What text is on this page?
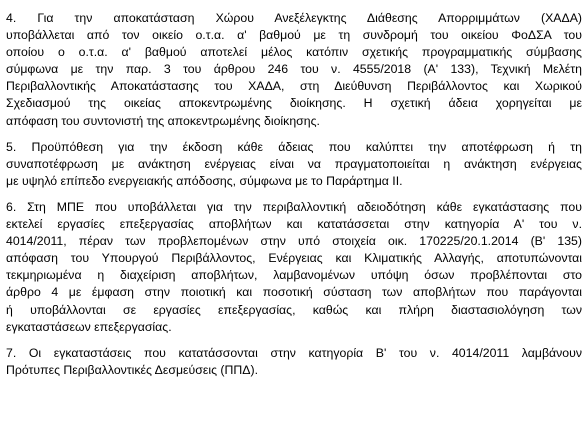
4. Για την αποκατάσταση Χώρου Ανεξέλεγκτης Διάθεσης Απορριμμάτων (ΧΑΔΑ)
υποβάλλεται από τον οικείο ο.τ.α. α' βαθμού με τη συνδρομή του οικείου ΦοΔΣΑ του
οποίου ο ο.τ.α. α' βαθμού αποτελεί μέλος κατόπιν σχετικής προγραμματικής σύμβασης
σύμφωνα με την παρ. 3 του άρθρου 246 του ν. 4555/2018 (Α' 133), Τεχνική Μελέτη
Περιβαλλοντικής Αποκατάστασης του ΧΑΔΑ, στη Διεύθυνση Περιβάλλοντος και Χωρικού
Σχεδιασμού της οικείας αποκεντρωμένης διοίκησης. Η σχετική άδεια χορηγείται με
απόφαση του συντονιστή της αποκεντρωμένης διοίκησης.
5. Προϋπόθεση για την έκδοση κάθε άδειας που καλύπτει την αποτέφρωση ή τη
συναποτέφρωση με ανάκτηση ενέργειας είναι να πραγματοποιείται η ανάκτηση ενέργειας
με υψηλό επίπεδο ενεργειακής απόδοσης, σύμφωνα με το Παράρτημα ΙΙ.
6. Στη ΜΠΕ που υποβάλλεται για την περιβαλλοντική αδειοδότηση κάθε εγκατάστασης που
εκτελεί εργασίες επεξεργασίας αποβλήτων και κατατάσσεται στην κατηγορία Α' του ν.
4014/2011, πέραν των προβλεπομένων στην υπό στοιχεία οικ. 170225/20.1.2014 (Β' 135)
απόφαση του Υπουργού Περιβάλλοντος, Ενέργειας και Κλιματικής Αλλαγής, αποτυπώνονται
τεκμηριωμένα η διαχείριση αποβλήτων, λαμβανομένων υπόψη όσων προβλέπονται στο
άρθρο 4 με έμφαση στην ποιοτική και ποσοτική σύσταση των αποβλήτων που παράγονται
ή υποβάλλονται σε εργασίες επεξεργασίας, καθώς και πλήρη διαστασιολόγηση των
εγκαταστάσεων επεξεργασίας.
7. Οι εγκαταστάσεις που κατατάσσονται στην κατηγορία Β' του ν. 4014/2011 λαμβάνουν
Πρότυπες Περιβαλλοντικές Δεσμεύσεις (ΠΠΔ).
